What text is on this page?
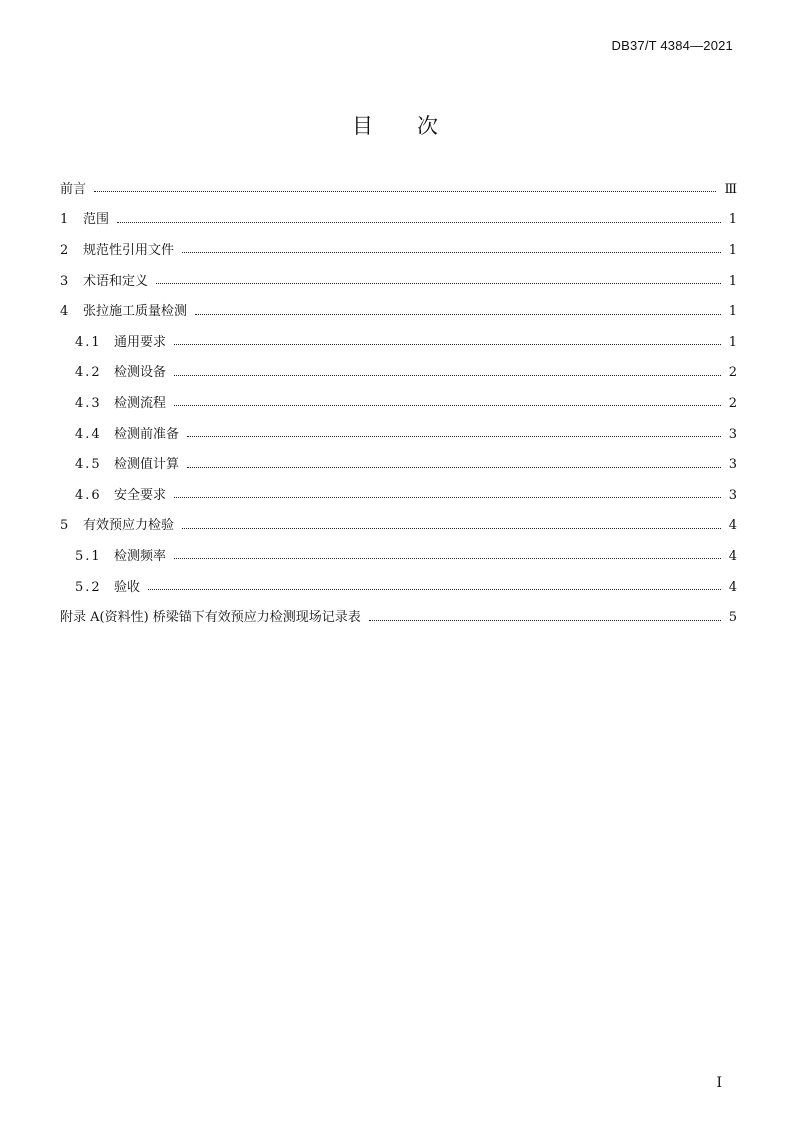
DB37/T 4384—2021
目次
前言	Ⅲ
1	范围	1
2	规范性引用文件	1
3	术语和定义	1
4	张拉施工质量检测	1
4.1 通用要求	1
4.2 检测设备	2
4.3 检测流程	2
4.4 检测前准备	3
4.5 检测值计算	3
4.6 安全要求	3
5	有效预应力检验	4
5.1 检测频率	4
5.2 验收	4
附录 A(资料性) 桥梁锚下有效预应力检测现场记录表	5
I
